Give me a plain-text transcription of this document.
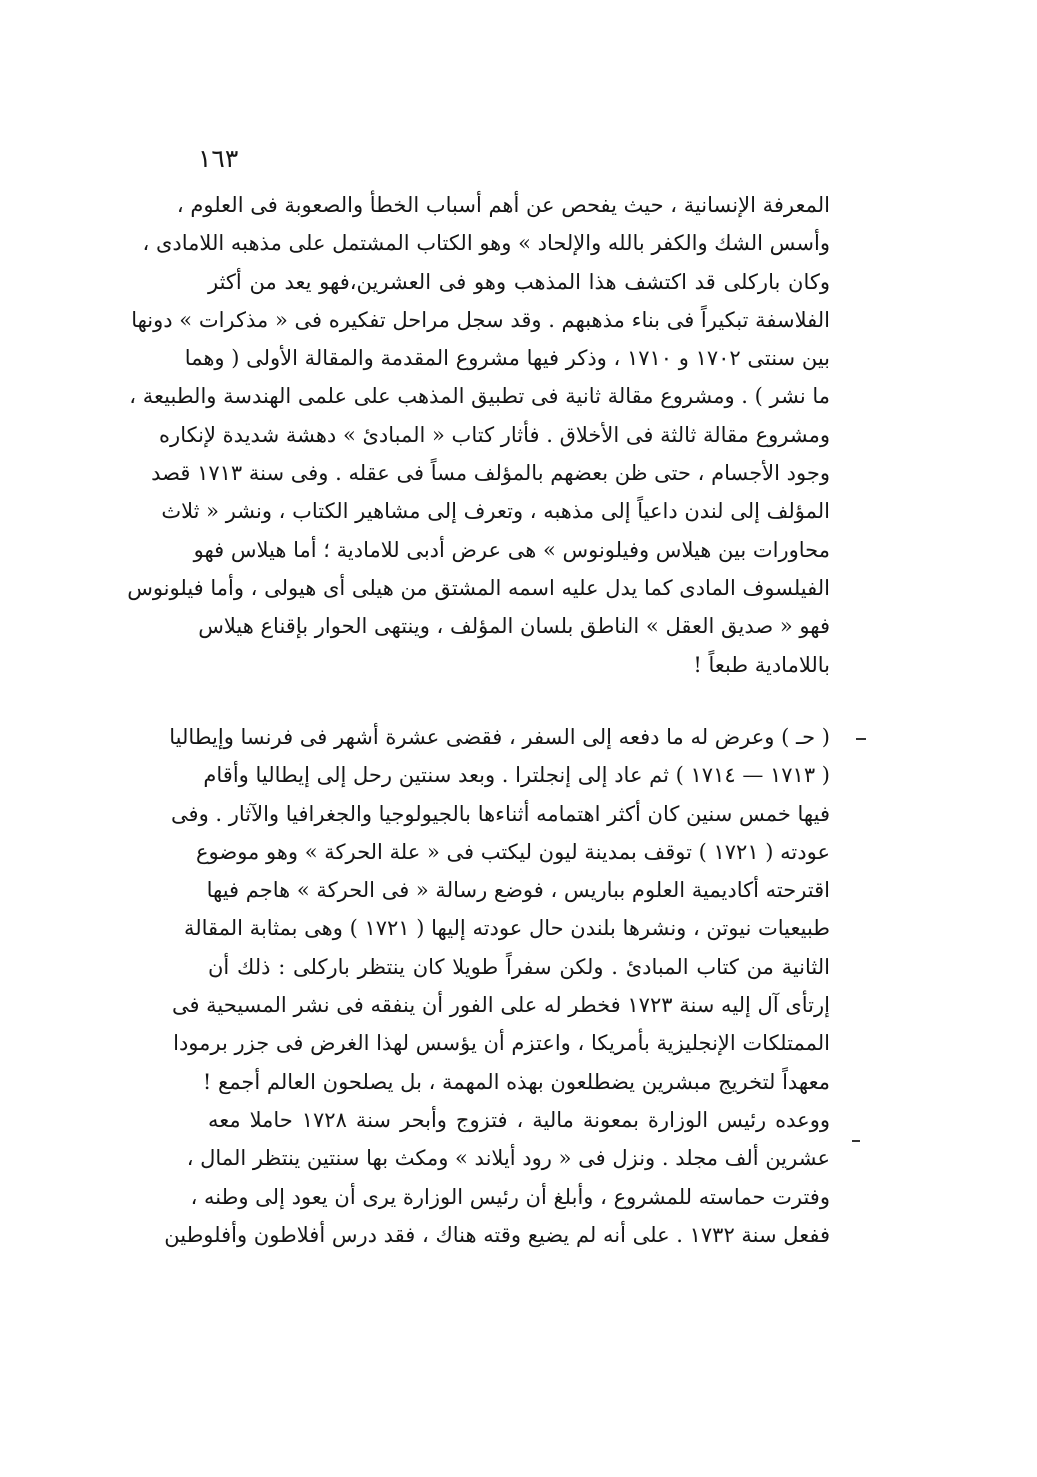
١٦٣
المعرفة الإنسانية ، حيث يفحص عن أهم أسباب الخطأ والصعوبة فى العلوم ،
وأسس الشك والكفر بالله والإلحاد » وهو الكتاب المشتمل على مذهبه اللامادى ،
وكان باركلى قد اكتشف هذا المذهب وهو فى العشرين،فهو يعد من أكثر
الفلاسفة تبكيراً فى بناء مذهبهم . وقد سجل مراحل تفكيره فى « مذكرات » دونها
بين سنتى ١٧٠٢ و ١٧١٠ ، وذكر فيها مشروع المقدمة والمقالة الأولى ( وهما
ما نشر ) . ومشروع مقالة ثانية فى تطبيق المذهب على علمى الهندسة والطبيعة ،
ومشروع مقالة ثالثة فى الأخلاق . فأثار كتاب « المبادئ » دهشة شديدة لإنكاره
وجود الأجسام ، حتى ظن بعضهم بالمؤلف مساً فى عقله . وفى سنة ١٧١٣ قصد
المؤلف إلى لندن داعياً إلى مذهبه ، وتعرف إلى مشاهير الكتاب ، ونشر « ثلاث
محاورات بين هيلاس وفيلونوس » هى عرض أدبى للامادية ؛ أما هيلاس فهو
الفيلسوف المادى كما يدل عليه اسمه المشتق من هيلى أى هيولى ، وأما فيلونوس
فهو « صديق العقل » الناطق بلسان المؤلف ، وينتهى الحوار بإقناع هيلاس
باللامادية طبعاً !
( حـ ) وعرض له ما دفعه إلى السفر ، فقضى عشرة أشهر فى فرنسا وإيطاليا
( ١٧١٣ — ١٧١٤ ) ثم عاد إلى إنجلترا . وبعد سنتين رحل إلى إيطاليا وأقام
فيها خمس سنين كان أكثر اهتمامه أثناءها بالجيولوجيا والجغرافيا والآثار . وفى
عودته ( ١٧٢١ ) توقف بمدينة ليون ليكتب فى « علة الحركة » وهو موضوع
اقترحته أكاديمية العلوم بباريس ، فوضع رسالة « فى الحركة » هاجم فيها
طبيعيات نيوتن ، ونشرها بلندن حال عودته إليها ( ١٧٢١ ) وهى بمثابة المقالة
الثانية من كتاب المبادئ . ولكن سفراً طويلا كان ينتظر باركلى : ذلك أن
إرتأى آل إليه سنة ١٧٢٣ فخطر له على الفور أن ينفقه فى نشر المسيحية فى
الممتلكات الإنجليزية بأمريكا ، واعتزم أن يؤسس لهذا الغرض فى جزر برمودا
معهداً لتخريج مبشرين يضطلعون بهذه المهمة ، بل يصلحون العالم أجمع !
ووعده رئيس الوزارة بمعونة مالية ، فتزوج وأبحر سنة ١٧٢٨ حاملا معه
عشرين ألف مجلد . ونزل فى « رود أيلاند » ومكث بها سنتين ينتظر المال ،
وفترت حماسته للمشروع ، وأبلغ أن رئيس الوزارة يرى أن يعود إلى وطنه ،
ففعل سنة ١٧٣٢ . على أنه لم يضيع وقته هناك ، فقد درس أفلاطون وأفلوطين
